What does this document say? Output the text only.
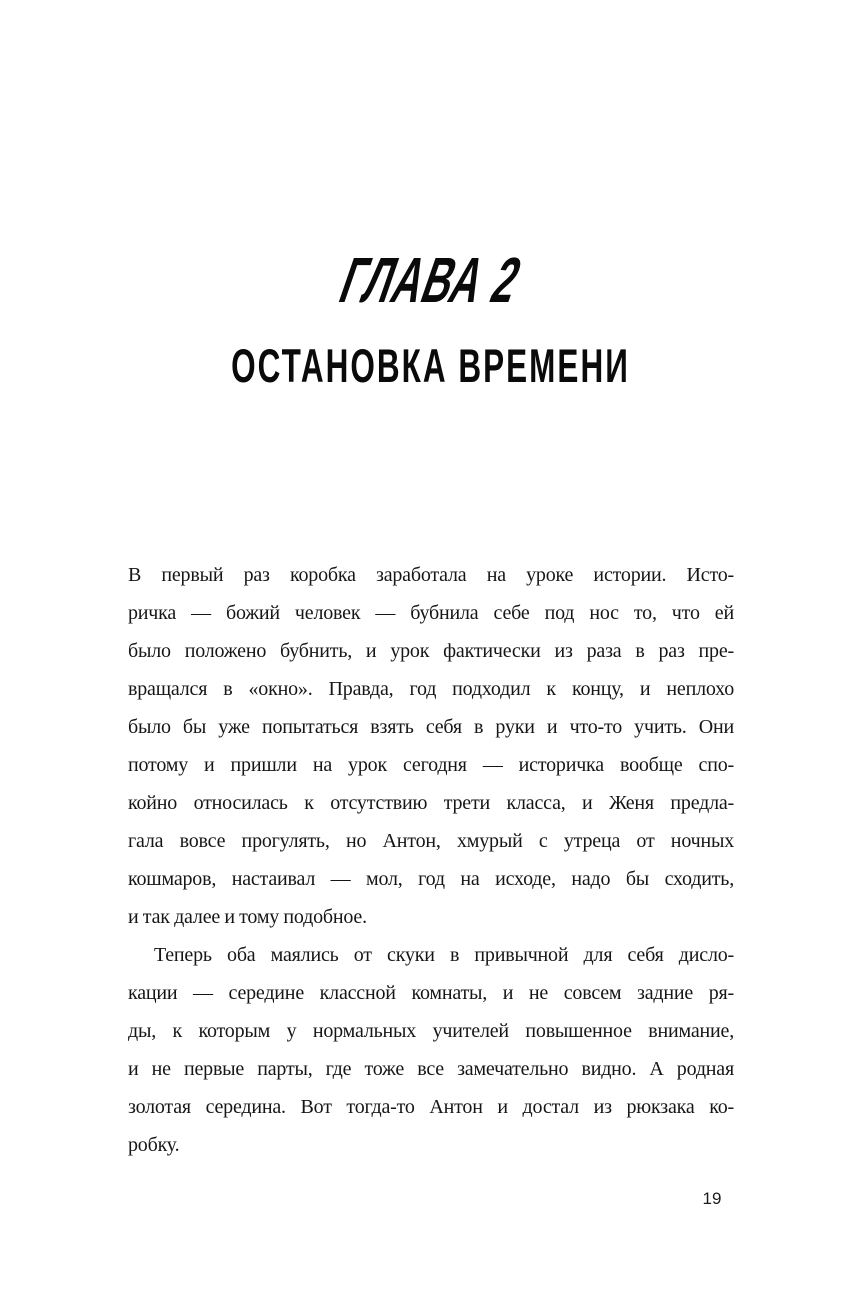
ГЛАВА 2
ОСТАНОВКА ВРЕМЕНИ
В первый раз коробка заработала на уроке истории. Исто-
ричка — божий человек — бубнила себе под нос то, что ей
было положено бубнить, и урок фактически из раза в раз пре-
вращался в «окно». Правда, год подходил к концу, и неплохо
было бы уже попытаться взять себя в руки и что-то учить. Они
потому и пришли на урок сегодня — историчка вообще спо-
койно относилась к отсутствию трети класса, и Женя предла-
гала вовсе прогулять, но Антон, хмурый с утреца от ночных
кошмаров, настаивал — мол, год на исходе, надо бы сходить,
и так далее и тому подобное.
Теперь оба маялись от скуки в привычной для себя дисло-
кации — середине классной комнаты, и не совсем задние ря-
ды, к которым у нормальных учителей повышенное внимание,
и не первые парты, где тоже все замечательно видно. А родная
золотая середина. Вот тогда-то Антон и достал из рюкзака ко-
робку.
19
